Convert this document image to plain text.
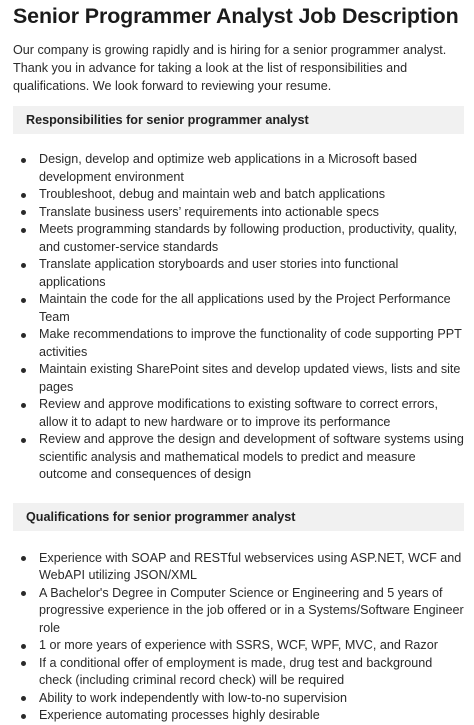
Senior Programmer Analyst Job Description

Our company is growing rapidly and is hiring for a senior programmer analyst. Thank you in advance for taking a look at the list of responsibilities and qualifications. We look forward to reviewing your resume.

Responsibilities for senior programmer analyst
Design, develop and optimize web applications in a Microsoft based development environment
Troubleshoot, debug and maintain web and batch applications
Translate business users’ requirements into actionable specs
Meets programming standards by following production, productivity, quality, and customer-service standards
Translate application storyboards and user stories into functional applications
Maintain the code for the all applications used by the Project Performance Team
Make recommendations to improve the functionality of code supporting PPT activities
Maintain existing SharePoint sites and develop updated views, lists and site pages
Review and approve modifications to existing software to correct errors, allow it to adapt to new hardware or to improve its performance
Review and approve the design and development of software systems using scientific analysis and mathematical models to predict and measure outcome and consequences of design
Qualifications for senior programmer analyst
Experience with SOAP and RESTful webservices using ASP.NET, WCF and WebAPI utilizing JSON/XML
A Bachelor's Degree in Computer Science or Engineering and 5 years of progressive experience in the job offered or in a Systems/Software Engineer role
1 or more years of experience with SSRS, WCF, WPF, MVC, and Razor
If a conditional offer of employment is made, drug test and background check (including criminal record check) will be required
Ability to work independently with low-to-no supervision
Experience automating processes highly desirable
